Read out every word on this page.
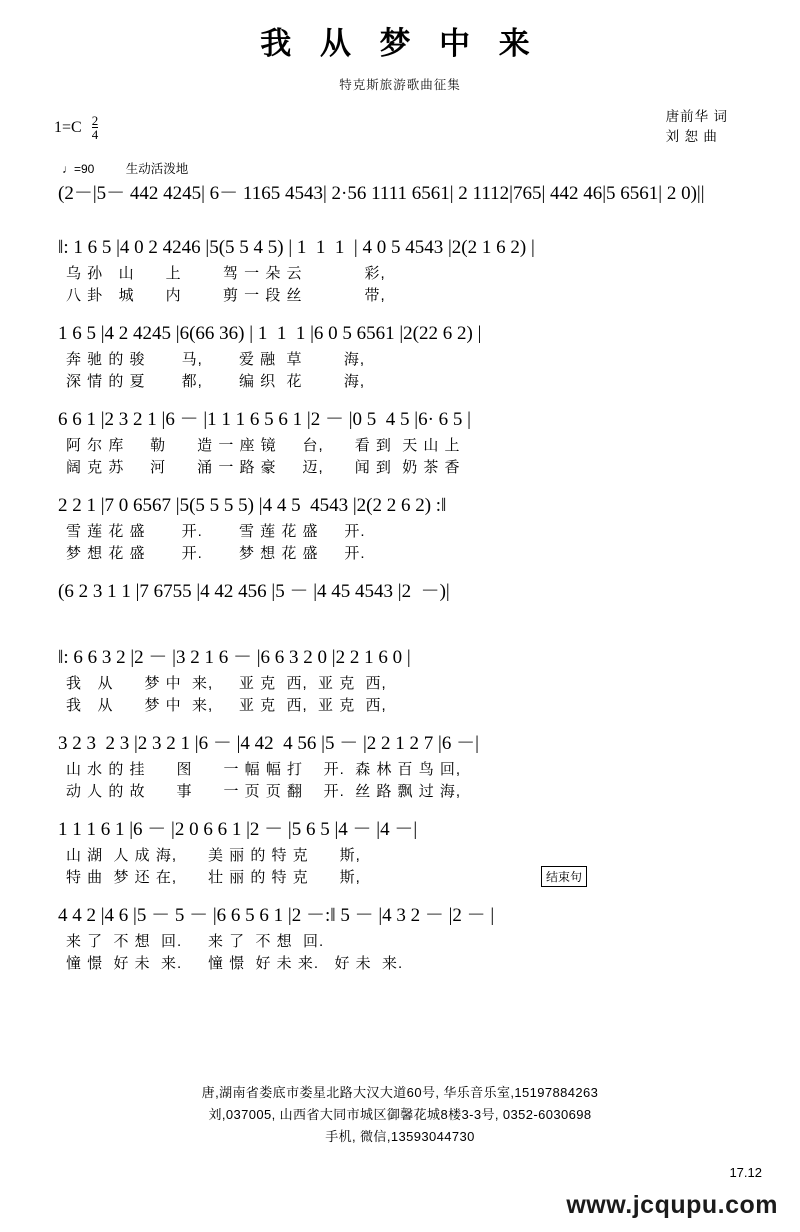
我 从 梦 中 来
特克斯旅游歌曲征集
$1=C \frac{2}{4}$	唐前华 词
刘 恕 曲
♩=90	生动活泼地
(2－|5－ 442 4245| 6－ 1165 4543| 2·56 1111 6561| 2 1112|765| 442 46|5 6561| 2 0)||
‖: 1 6 5 |4 0 2 4246 |5(5 5 4 5) | 1  1  1  | 4 0 5 4543 |2(2 1 6 2) |
乌 孙   山      上        驾 一 朵 云            彩,
八 卦   城      内        剪 一 段 丝            带,
1 6 5 |4 2 4245 |6(66 36) | 1  1  1 |6 0 5 6561 |2(22 6 2) |
奔 驰 的 骏       马,       爱 融  草        海,
深 情 的 夏       都,       编 织  花        海,
6 6 1 |2 3 2 1 |6 － |1 1 1 6 5 6 1 |2 － |0 5  4 5 |6· 6 5 |
阿 尔 库     勒      造 一 座 镜     台,      看 到  天 山 上
阔 克 苏     河      涌 一 路 豪     迈,      闻 到  奶 茶 香
2 2 1 |7 0 6567 |5(5 5 5 5) |4 4 5  4543 |2(2 2 6 2) :‖
雪 莲 花 盛       开.       雪 莲 花 盛     开.
梦 想 花 盛       开.       梦 想 花 盛     开.
(6 2 3 1 1 |7 6755 |4 42 456 |5 － |4 45 4543 |2  －)|
‖: 6 6 3 2 |2 － |3 2 1 6 － |6 6 3 2 0 |2 2 1 6 0 |
我   从      梦 中  来,     亚 克  西,  亚 克  西,
我   从      梦 中  来,     亚 克  西,  亚 克  西,
3 2 3  2 3 |2 3 2 1 |6 － |4 42  4 56 |5 － |2 2 1 2 7 |6 －|
山 水 的 挂      图      一 幅 幅 打    开.  森 林 百 鸟 回,
动 人 的 故      事      一 页 页 翻    开.  丝 路 飘 过 海,
1 1 1 6 1 |6 － |2 0 6 6 1 |2 － |5 6 5 |4 － |4 －|
山 湖  人 成 海,      美 丽 的 特 克      斯,
特 曲  梦 还 在,      壮 丽 的 特 克      斯,	结束句
4 4 2 |4 6 |5 － 5 － |6 6 5 6 1 |2 －:‖ 5 － |4 3 2 － |2 － |
来 了  不 想  回.     来 了  不 想  回.
憧 憬  好 未  来.     憧 憬  好 未 来.   好 未  来.
唐,湖南省娄底市娄星北路大汉大道60号, 华乐音乐室,15197884263
刘,037005, 山西省大同市城区御馨花城8楼3-3号, 0352-6030698
手机, 微信,13593044730
17.12
www.jcqupu.com
